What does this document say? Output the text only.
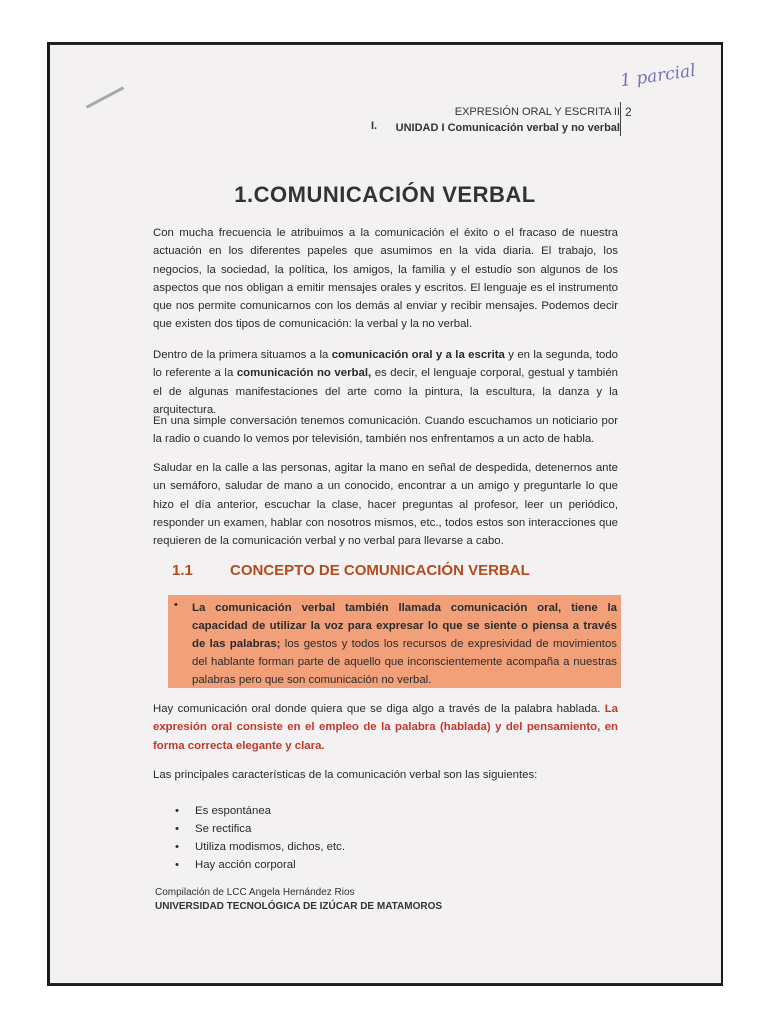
1 parcial
EXPRESIÓN ORAL Y ESCRITA II
UNIDAD I Comunicación verbal y no verbal
I.
2
1.COMUNICACIÓN VERBAL
Con mucha frecuencia le atribuimos a la comunicación el éxito o el fracaso de nuestra actuación en los diferentes papeles que asumimos en la vida diaria. El trabajo, los negocios, la sociedad, la política, los amigos, la familia y el estudio son algunos de los aspectos que nos obligan a emitir mensajes orales y escritos. El lenguaje es el instrumento que nos permite comunicarnos con los demás al enviar y recibir mensajes. Podemos decir que existen dos tipos de comunicación: la verbal y la no verbal.
Dentro de la primera situamos a la comunicación oral y a la escrita y en la segunda, todo lo referente a la comunicación no verbal, es decir, el lenguaje corporal, gestual y también el de algunas manifestaciones del arte como la pintura, la escultura, la danza y la arquitectura.
En una simple conversación tenemos comunicación. Cuando escuchamos un noticiario por la radio o cuando lo vemos por televisión, también nos enfrentamos a un acto de habla.
Saludar en la calle a las personas, agitar la mano en señal de despedida, detenernos ante un semáforo, saludar de mano a un conocido, encontrar a un amigo y preguntarle lo que hizo el día anterior, escuchar la clase, hacer preguntas al profesor, leer un periódico, responder un examen, hablar con nosotros mismos, etc., todos estos son interacciones que requieren de la comunicación verbal y no verbal para llevarse a cabo.
1.1 CONCEPTO DE COMUNICACIÓN VERBAL
• La comunicación verbal también llamada comunicación oral, tiene la capacidad de utilizar la voz para expresar lo que se siente o piensa a través de las palabras; los gestos y todos los recursos de expresividad de movimientos del hablante forman parte de aquello que inconscientemente acompaña a nuestras palabras pero que son comunicación no verbal.
Hay comunicación oral donde quiera que se diga algo a través de la palabra hablada. La expresión oral consiste en el empleo de la palabra (hablada) y del pensamiento, en forma correcta elegante y clara.
Las principales características de la comunicación verbal son las siguientes:
• Es espontánea
• Se rectifica
• Utiliza modismos, dichos, etc.
• Hay acción corporal
Compilación de LCC Angela Hernández Rios
UNIVERSIDAD TECNOLÓGICA DE IZÚCAR DE MATAMOROS
